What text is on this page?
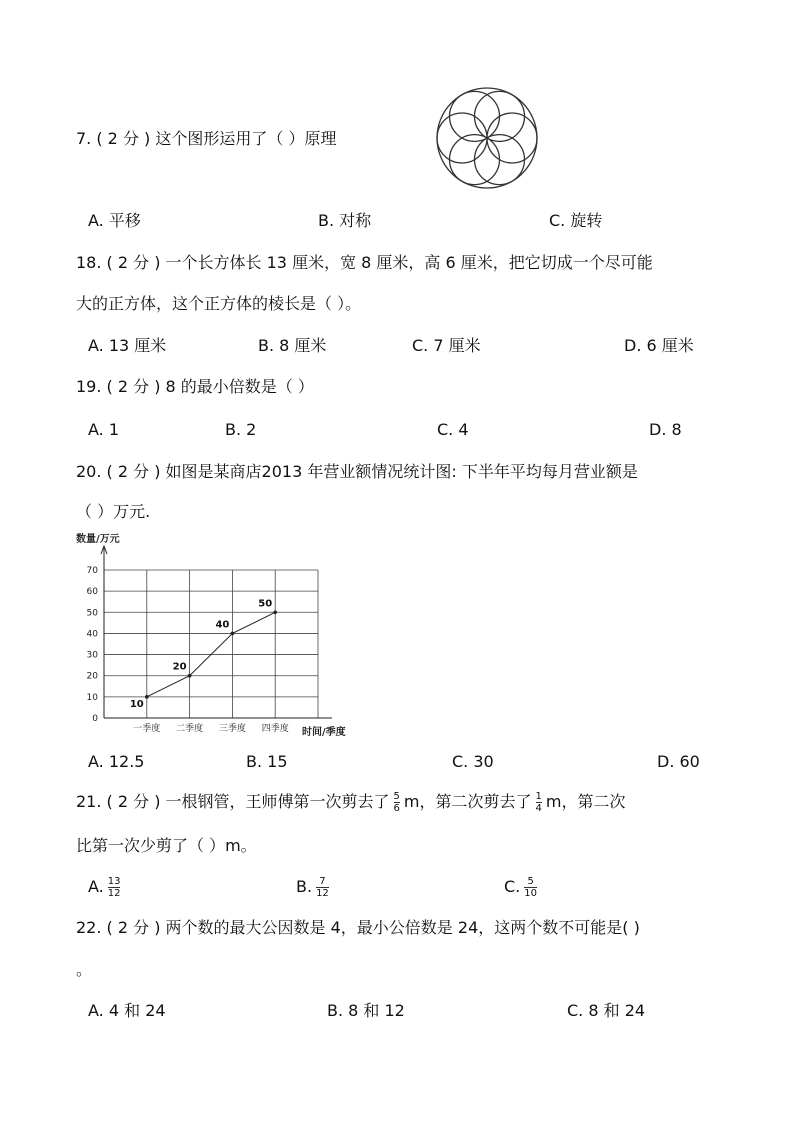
7. ( 2 分 ) 这个图形运用了（ ）原理
A. 平移	B. 对称	C. 旋转
18. ( 2 分 ) 一个长方体长 13 厘米，宽 8 厘米，高 6 厘米，把它切成一个尽可能
大的正方体，这个正方体的棱长是（ ）。
A. 13 厘米	B. 8 厘米	C. 7 厘米	D. 6 厘米
19. ( 2 分 ) 8 的最小倍数是（ ）
A. 1	B. 2	C. 4	D. 8
20. ( 2 分 ) 如图是某商店2013 年营业额情况统计图: 下半年平均每月营业额是
（ ）万元.
数量/万元
0
10
20
30
40
50
60
70
一季度 二季度 三季度 四季度
10
20
40
50
时间/季度
A. 12.5	B. 15	C. 30	D. 60
21. ( 2 分 ) 一根钢管，王师傅第一次剪去了 $\frac{5}{6}$ m，第二次剪去了 $\frac{1}{4}$ m，第二次
比第一次少剪了（ ）m。
A. $\frac{13}{12}$	B. $\frac{7}{12}$	C. $\frac{5}{10}$
22. ( 2 分 ) 两个数的最大公因数是 4，最小公倍数是 24，这两个数不可能是( )
。
A. 4 和 24	B. 8 和 12	C. 8 和 24
